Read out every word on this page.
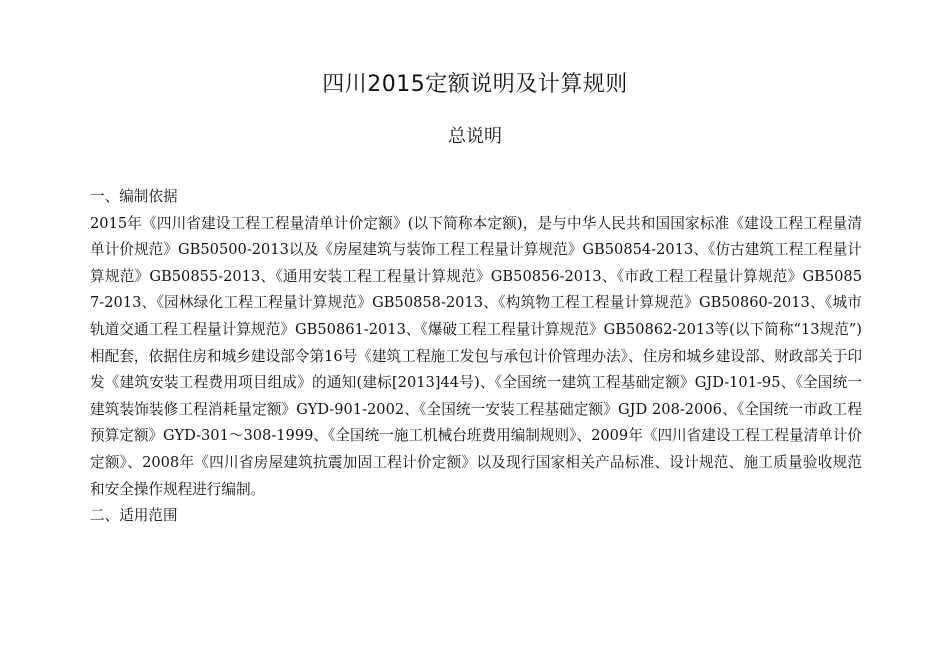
四川2015定额说明及计算规则
总说明
一、编制依据
2015年《四川省建设工程工程量清单计价定额》(以下简称本定额)，是与中华人民共和国国家标准《建设工程工程量清单计价规范》GB50500-2013以及《房屋建筑与装饰工程工程量计算规范》GB50854-2013、《仿古建筑工程工程量计算规范》GB50855-2013、《通用安装工程工程量计算规范》GB50856-2013、《市政工程工程量计算规范》GB50857-2013、《园林绿化工程工程量计算规范》GB50858-2013、《构筑物工程工程量计算规范》GB50860-2013、《城市轨道交通工程工程量计算规范》GB50861-2013、《爆破工程工程量计算规范》GB50862-2013等(以下简称“13规范”)相配套，依据住房和城乡建设部令第16号《建筑工程施工发包与承包计价管理办法》、住房和城乡建设部、财政部关于印发《建筑安装工程费用项目组成》的通知(建标[2013]44号)、《全国统一建筑工程基础定额》GJD-101-95、《全国统一建筑装饰装修工程消耗量定额》GYD-901-2002、《全国统一安装工程基础定额》GJD 208-2006、《全国统一市政工程预算定额》GYD-301～308-1999、《全国统一施工机械台班费用编制规则》、2009年《四川省建设工程工程量清单计价定额》、2008年《四川省房屋建筑抗震加固工程计价定额》以及现行国家相关产品标准、设计规范、施工质量验收规范和安全操作规程进行编制。
二、适用范围
